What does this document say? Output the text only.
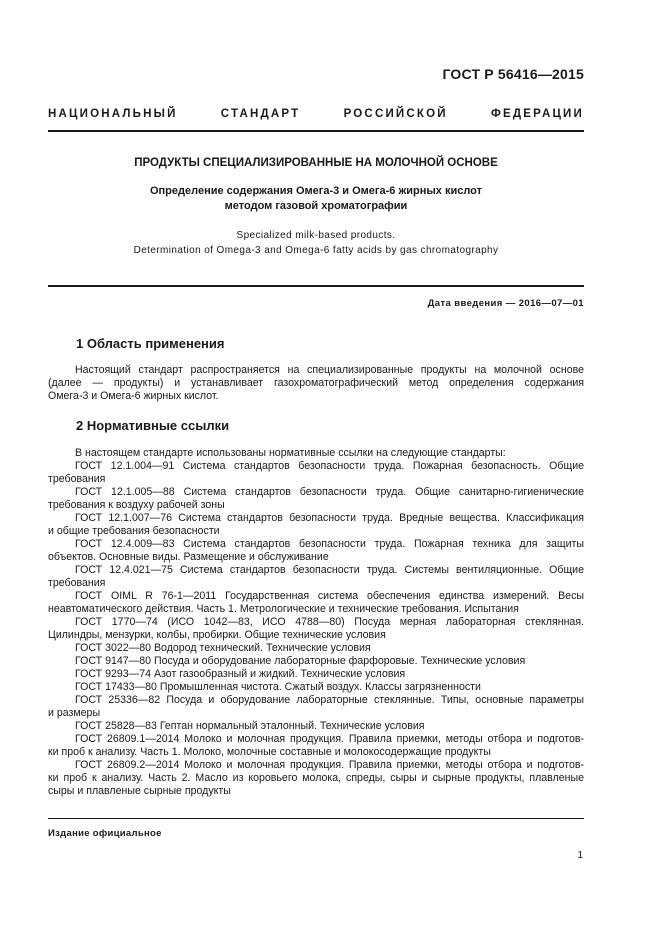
ГОСТ Р 56416—2015
НАЦИОНАЛЬНЫЙ СТАНДАРТ РОССИЙСКОЙ ФЕДЕРАЦИИ
ПРОДУКТЫ СПЕЦИАЛИЗИРОВАННЫЕ НА МОЛОЧНОЙ ОСНОВЕ
Определение содержания Омега-3 и Омега-6 жирных кислот
методом газовой хроматографии
Specialized milk-based products.
Determination of Omega-3 and Omega-6 fatty acids by gas chromatography
Дата введения — 2016—07—01
1 Область применения
Настоящий стандарт распространяется на специализированные продукты на молочной основе
(далее — продукты) и устанавливает газохроматографический метод определения содержания
Омега-3 и Омега-6 жирных кислот.
2 Нормативные ссылки
В настоящем стандарте использованы нормативные ссылки на следующие стандарты:
ГОСТ 12.1.004—91 Система стандартов безопасности труда. Пожарная безопасность. Общие
требования
ГОСТ 12.1.005—88 Система стандартов безопасности труда. Общие санитарно-гигиенические
требования к воздуху рабочей зоны
ГОСТ 12.1.007—76 Система стандартов безопасности труда. Вредные вещества. Классификация
и общие требования безопасности
ГОСТ 12.4.009—83 Система стандартов безопасности труда. Пожарная техника для защиты
объектов. Основные виды. Размещение и обслуживание
ГОСТ 12.4.021—75 Система стандартов безопасности труда. Системы вентиляционные. Общие
требования
ГОСТ OIML R 76-1—2011 Государственная система обеспечения единства измерений. Весы
неавтоматического действия. Часть 1. Метрологические и технические требования. Испытания
ГОСТ 1770—74 (ИСО 1042—83, ИСО 4788—80) Посуда мерная лабораторная стеклянная.
Цилиндры, мензурки, колбы, пробирки. Общие технические условия
ГОСТ 3022—80 Водород технический. Технические условия
ГОСТ 9147—80 Посуда и оборудование лабораторные фарфоровые. Технические условия
ГОСТ 9293—74 Азот газообразный и жидкий. Технические условия
ГОСТ 17433—80 Промышленная чистота. Сжатый воздух. Классы загрязненности
ГОСТ 25336—82 Посуда и оборудование лабораторные стеклянные. Типы, основные параметры
и размеры
ГОСТ 25828—83 Гептан нормальный эталонный. Технические условия
ГОСТ 26809.1—2014 Молоко и молочная продукция. Правила приемки, методы отбора и подготов-
ки проб к анализу. Часть 1. Молоко, молочные составные и молокосодержащие продукты
ГОСТ 26809.2—2014 Молоко и молочная продукция. Правила приемки, методы отбора и подготов-
ки проб к анализу. Часть 2. Масло из коровьего молока, спреды, сыры и сырные продукты, плавленые
сыры и плавленые сырные продукты
Издание официальное
1
